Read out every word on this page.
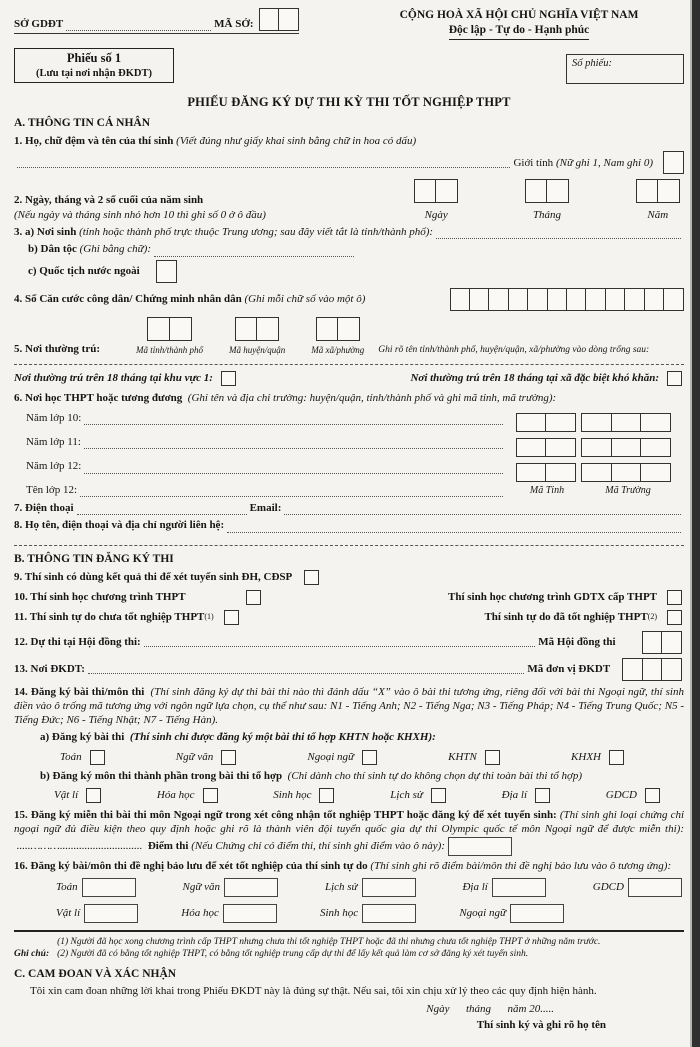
SỞ GDĐT	MÃ SỞ:
CỘNG HOÀ XÃ HỘI CHỦ NGHĨA VIỆT NAM
Độc lập - Tự do - Hạnh phúc
Phiếu số 1
(Lưu tại nơi nhận ĐKDT)
Số phiếu:
PHIẾU ĐĂNG KÝ DỰ THI KỲ THI TỐT NGHIỆP THPT
A. THÔNG TIN CÁ NHÂN
1. Họ, chữ đệm và tên của thí sinh (Viết đúng như giấy khai sinh bằng chữ in hoa có dấu)
Giới tính
(Nữ ghi 1, Nam ghi 0)
2. Ngày, tháng và 2 số cuối của năm sinh
(Nếu ngày và tháng sinh nhỏ hơn 10 thì ghi số 0 ở ô đầu)	Ngày	Tháng	Năm
3. a) Nơi sinh
(tỉnh hoặc thành phố trực thuộc Trung ương; sau đây viết tắt là tỉnh/thành phố):
b) Dân tộc
(Ghi bằng chữ):
c) Quốc tịch nước ngoài
4. Số Căn cước công dân/ Chứng minh nhân dân
(Ghi mỗi chữ số vào một ô)
5. Nơi thường trú:	Mã tỉnh/thành phố	Mã huyện/quận	Mã xã/phường	Ghi rõ tên tỉnh/thành phố, huyện/quận, xã/phường vào dòng trống sau:
Nơi thường trú trên 18 tháng tại khu vực 1:	Nơi thường trú trên 18 tháng tại xã đặc biệt khó khăn:
6. Nơi học THPT hoặc tương đương (Ghi tên và địa chỉ trường: huyện/quận, tỉnh/thành phố và ghi mã tỉnh, mã trường):
Năm lớp 10:
Năm lớp 11:
Năm lớp 12:
Tên lớp 12:	Mã Tỉnh	Mã Trường
7. Điện thoại	Email:
8. Họ tên, điện thoại và địa chỉ người liên hệ:
B. THÔNG TIN ĐĂNG KÝ THI
9. Thí sinh có dùng kết quả thi để xét tuyển sinh ĐH, CĐSP
10. Thí sinh học chương trình THPT	Thí sinh học chương trình GDTX cấp THPT
11. Thí sinh tự do chưa tốt nghiệp THPT (1)	Thí sinh tự do đã tốt nghiệp THPT (2)
12. Dự thi tại Hội đồng thi:	Mã Hội đồng thi
13. Nơi ĐKDT:	Mã đơn vị ĐKDT
14. Đăng ký bài thi/môn thi (Thí sinh đăng ký dự thi bài thi nào thì đánh dấu “X” vào ô bài thi tương ứng, riêng đối với bài thi Ngoại ngữ, thí sinh điền vào ô trống mã tương ứng với ngôn ngữ lựa chọn, cụ thể như sau: N1 - Tiếng Anh; N2 - Tiếng Nga; N3 - Tiếng Pháp; N4 - Tiếng Trung Quốc; N5 - Tiếng Đức; N6 - Tiếng Nhật; N7 - Tiếng Hàn).
a) Đăng ký bài thi (Thí sinh chỉ được đăng ký một bài thi tổ hợp KHTN hoặc KHXH):
Toán	Ngữ văn	Ngoại ngữ	KHTN	KHXH
b) Đăng ký môn thi thành phần trong bài thi tổ hợp (Chỉ dành cho thí sinh tự do không chọn dự thi toàn bài thi tổ hợp)
Vật lí	Hóa học	Sinh học	Lịch sử	Địa lí	GDCD
15. Đăng ký miễn thi bài thi môn Ngoại ngữ trong xét công nhận tốt nghiệp THPT hoặc đăng ký để xét tuyển sinh: (Thí sinh ghi loại chứng chỉ ngoại ngữ đủ điều kiện theo quy định hoặc ghi rõ là thành viên đội tuyển quốc gia dự thi Olympic quốc tế môn Ngoại ngữ để được miễn thi):  .....………..............................  Điểm thi (Nếu Chứng chỉ có điểm thi, thí sinh ghi điểm vào ô này):
16. Đăng ký bài/môn thi đề nghị bảo lưu để xét tốt nghiệp của thí sinh tự do (Thí sinh ghi rõ điểm bài/môn thi đề nghị bảo lưu vào ô tương ứng):
Toán	Ngữ văn	Lịch sử	Địa lí	GDCD
Vật lí	Hóa học	Sinh học	Ngoại ngữ
Ghi chú:
(1) Người đã học xong chương trình cấp THPT nhưng chưa thi tốt nghiệp THPT hoặc đã thi nhưng chưa tốt nghiệp THPT ở những năm trước.
(2) Người đã có bằng tốt nghiệp THPT, có bằng tốt nghiệp trung cấp dự thi để lấy kết quả làm cơ sở đăng ký xét tuyển sinh.
C. CAM ĐOAN VÀ XÁC NHẬN
Tôi xin cam đoan những lời khai trong Phiếu ĐKDT này là đúng sự thật. Nếu sai, tôi xin chịu xử lý theo các quy định hiện hành.
Ngày      tháng      năm 20.....
Thí sinh ký và ghi rõ họ tên
